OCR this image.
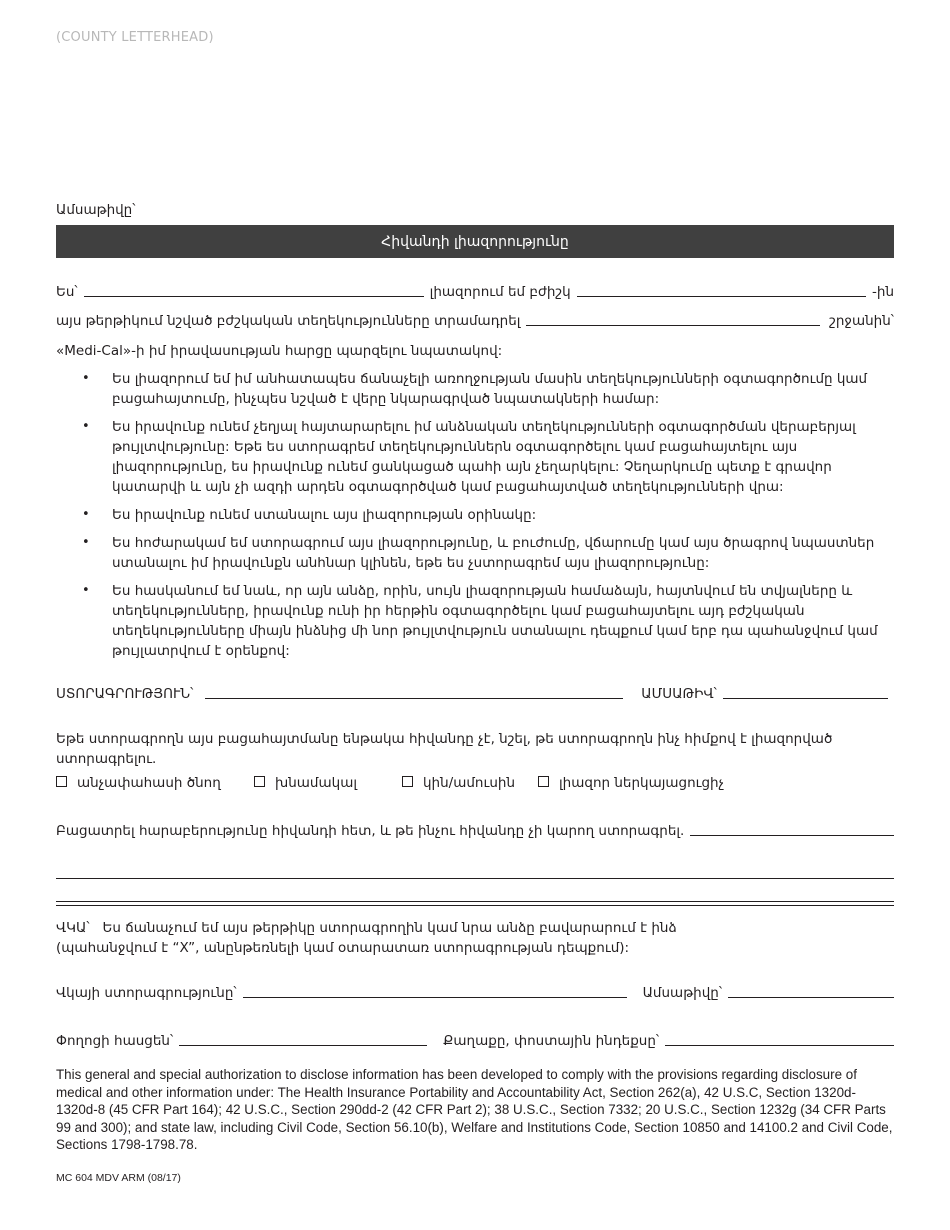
(COUNTY LETTERHEAD)
Ամսաթիվը՝
Հիվանդի լիազորությունը
Ես՝	լիազորում եմ բժիշկ	-ին
այս թերթիկում նշված բժշկական տեղեկությունները տրամադրել	շրջանին՝
«Medi-Cal»-ի իմ իրավասության հարցը պարզելու նպատակով:
• Ես լիազորում եմ իմ անհատապես ճանաչելի առողջության մասին տեղեկությունների օգտագործումը կամ բացահայտումը, ինչպես նշված է վերը նկարագրված նպատակների համար:
• Ես իրավունք ունեմ չեղյալ հայտարարելու իմ անձնական տեղեկությունների օգտագործման վերաբերյալ թույլտվությունը: Եթե ես ստորագրեմ տեղեկություններն օգտագործելու կամ բացահայտելու այս լիազորությունը, ես իրավունք ունեմ ցանկացած պահի այն չեղարկելու: Չեղարկումը պետք է գրավոր կատարվի և այն չի ազդի արդեն օգտագործված կամ բացահայտված տեղեկությունների վրա:
• Ես իրավունք ունեմ ստանալու այս լիազորության օրինակը:
• Ես հոժարակամ եմ ստորագրում այս լիազորությունը, և բուժումը, վճարումը կամ այս ծրագրով նպաստներ ստանալու իմ իրավունքն անհնար կլինեն, եթե ես չստորագրեմ այս լիազորությունը:
• Ես հասկանում եմ նաև, որ այն անձը, որին, սույն լիազորության համաձայն, հայտնվում են տվյալները և տեղեկությունները, իրավունք ունի իր հերթին օգտագործելու կամ բացահայտելու այդ բժշկական տեղեկությունները միայն ինձնից մի նոր թույլտվություն ստանալու դեպքում կամ երբ դա պահանջվում կամ թույլատրվում է օրենքով:
ՍՏՈՐԱԳՐՈՒԹՅՈՒՆ՝	ԱՄՍԱԹԻՎ՝
Եթե ստորագրողն այս բացահայտմանը ենթակա հիվանդը չէ, նշել, թե ստորագրողն ինչ հիմքով է լիազորված ստորագրելու.
անչափահասի ծնող	խնամակալ	կին/ամուսին	լիազոր ներկայացուցիչ
Բացատրել հարաբերությունը հիվանդի հետ, և թե ինչու հիվանդը չի կարող ստորագրել.
ՎԿԱ՝   Ես ճանաչում եմ այս թերթիկը ստորագրողին կամ նրա անձը բավարարում է ինձ
(պահանջվում է “X”, անընթեռնելի կամ օտարատառ ստորագրության դեպքում):
Վկայի ստորագրությունը՝	Ամսաթիվը՝
Փողոցի հասցեն՝	Քաղաքը, փոստային ինդեքսը՝
This general and special authorization to disclose information has been developed to comply with the provisions regarding disclosure of medical and other information under: The Health Insurance Portability and Accountability Act, Section 262(a), 42 U.S.C, Section 1320d-1320d-8 (45 CFR Part 164); 42 U.S.C., Section 290dd-2 (42 CFR Part 2); 38 U.S.C., Section 7332; 20 U.S.C., Section 1232g (34 CFR Parts 99 and 300); and state law, including Civil Code, Section 56.10(b), Welfare and Institutions Code, Section 10850 and 14100.2 and Civil Code, Sections 1798-1798.78.
MC 604 MDV ARM (08/17)
